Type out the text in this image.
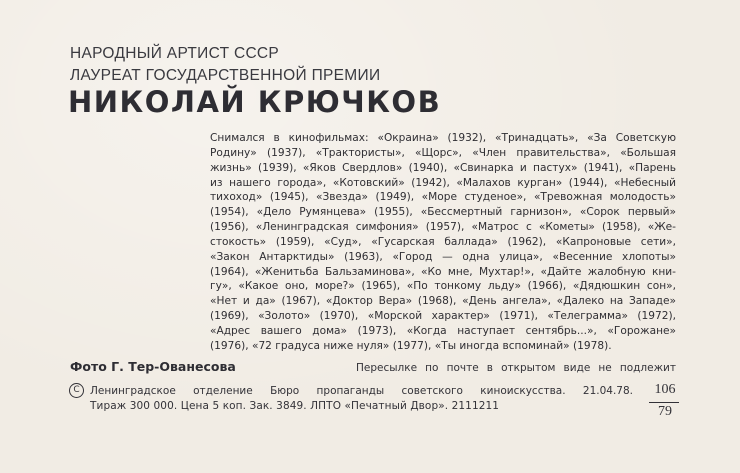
НАРОДНЫЙ АРТИСТ СССР
ЛАУРЕАТ ГОСУДАРСТВЕННОЙ ПРЕМИИ
НИКОЛАЙ КРЮЧКОВ
Снимался в кинофильмах: «Окраина» (1932), «Тринадцать», «За Советскую
Родину» (1937), «Трактористы», «Щорс», «Член правительства», «Большая
жизнь» (1939), «Яков Свердлов» (1940), «Свинарка и пастух» (1941), «Парень
из нашего города», «Котовский» (1942), «Малахов курган» (1944), «Небесный
тихоход» (1945), «Звезда» (1949), «Море студеное», «Тревожная молодость»
(1954), «Дело Румянцева» (1955), «Бессмертный гарнизон», «Сорок первый»
(1956), «Ленинградская симфония» (1957), «Матрос с «Кометы» (1958), «Же-
стокость» (1959), «Суд», «Гусарская баллада» (1962), «Капроновые сети»,
«Закон Антарктиды» (1963), «Город — одна улица», «Весенние хлопоты»
(1964), «Женитьба Бальзаминова», «Ко мне, Мухтар!», «Дайте жалобную кни-
гу», «Какое оно, море?» (1965), «По тонкому льду» (1966), «Дядюшкин сон»,
«Нет и да» (1967), «Доктор Вера» (1968), «День ангела», «Далеко на Западе»
(1969), «Золото» (1970), «Морской характер» (1971), «Телеграмма» (1972),
«Адрес вашего дома» (1973), «Когда наступает сентябрь...», «Горожане»
(1976), «72 градуса ниже нуля» (1977), «Ты иногда вспоминай» (1978).
Фото Г. Тер-Ованесова	Пересылке по почте в открытом виде не подлежит
С Ленинградское отделение Бюро пропаганды советского киноискусства. 21.04.78.
Тираж 300 000. Цена 5 коп. Зак. 3849. ЛПТО «Печатный Двор». 2111211
106
79
